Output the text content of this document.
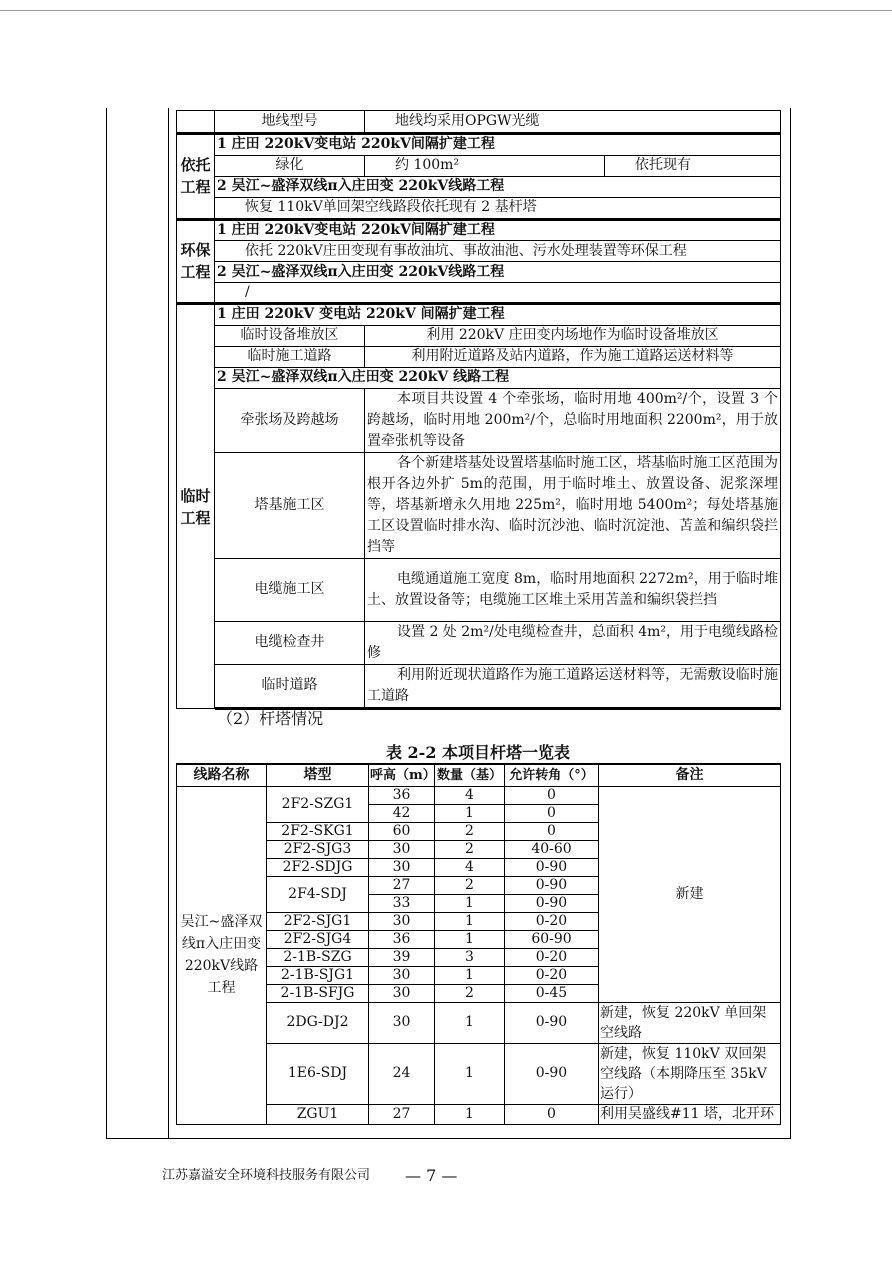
	地线型号	地线均采用OPGW光缆	

依托工程	1 庄田 220kV变电站 220kV间隔扩建工程		
	绿化	约 100m²	依托现有
	2 吴江~盛泽双线π入庄田变 220kV线路工程		
	恢复 110kV单回架空线路段依托现有 2 基杆塔		

环保工程	1 庄田 220kV变电站 220kV间隔扩建工程		
	依托 220kV庄田变现有事故油坑、事故油池、污水处理装置等环保工程		
	2 吴江~盛泽双线π入庄田变 220kV线路工程		
	/		

临时工程	1 庄田 220kV 变电站 220kV 间隔扩建工程		
	临时设备堆放区	利用 220kV 庄田变内场地作为临时设备堆放区	
	临时施工道路	利用附近道路及站内道路，作为施工道路运送材料等	
	2 吴江~盛泽双线π入庄田变 220kV 线路工程		
	牵张场及跨越场	本项目共设置 4 个牵张场，临时用地 400m²/个，设置 3 个跨越场，临时用地 200m²/个，总临时用地面积 2200m²，用于放置牵张机等设备	
	塔基施工区	各个新建塔基处设置塔基临时施工区，塔基临时施工区范围为根开各边外扩 5m的范围，用于临时堆土、放置设备、泥浆深埋等，塔基新增永久用地 225m²，临时用地 5400m²；每处塔基施工区设置临时排水沟、临时沉沙池、临时沉淀池、苫盖和编织袋拦挡等	
	电缆施工区	电缆通道施工宽度 8m，临时用地面积 2272m²，用于临时堆土、放置设备等；电缆施工区堆土采用苫盖和编织袋拦挡	
	电缆检查井	设置 2 处 2m²/处电缆检查井，总面积 4m²，用于电缆线路检修	
	临时道路	利用附近现状道路作为施工道路运送材料等，无需敷设临时施工道路	

（2）杆塔情况
表 2-2 本项目杆塔一览表
线路名称	塔型	呼高（m）	数量（基）	允许转角（°）	备注
吴江~盛泽双线π入庄田变 220kV线路工程	2F2-SZG1	36	4	0	新建
		42	1	0	
	2F2-SKG1	60	2	0	
	2F2-SJG3	30	2	40-60	
	2F2-SDJG	30	4	0-90	
	2F4-SDJ	27	2	0-90	
		33	1	0-90	
	2F2-SJG1	30	1	0-20	
	2F2-SJG4	36	1	60-90	
	2-1B-SZG	39	3	0-20	
	2-1B-SJG1	30	1	0-20	
	2-1B-SFJG	30	2	0-45	
	2DG-DJ2	30	1	0-90	新建，恢复 220kV 单回架空线路
	1E6-SDJ	24	1	0-90	新建，恢复 110kV 双回架空线路（本期降压至 35kV 运行）
	ZGU1	27	1	0	利用吴盛线#11 塔，北开环
江苏嘉溢安全环境科技服务有限公司 — 7 —
